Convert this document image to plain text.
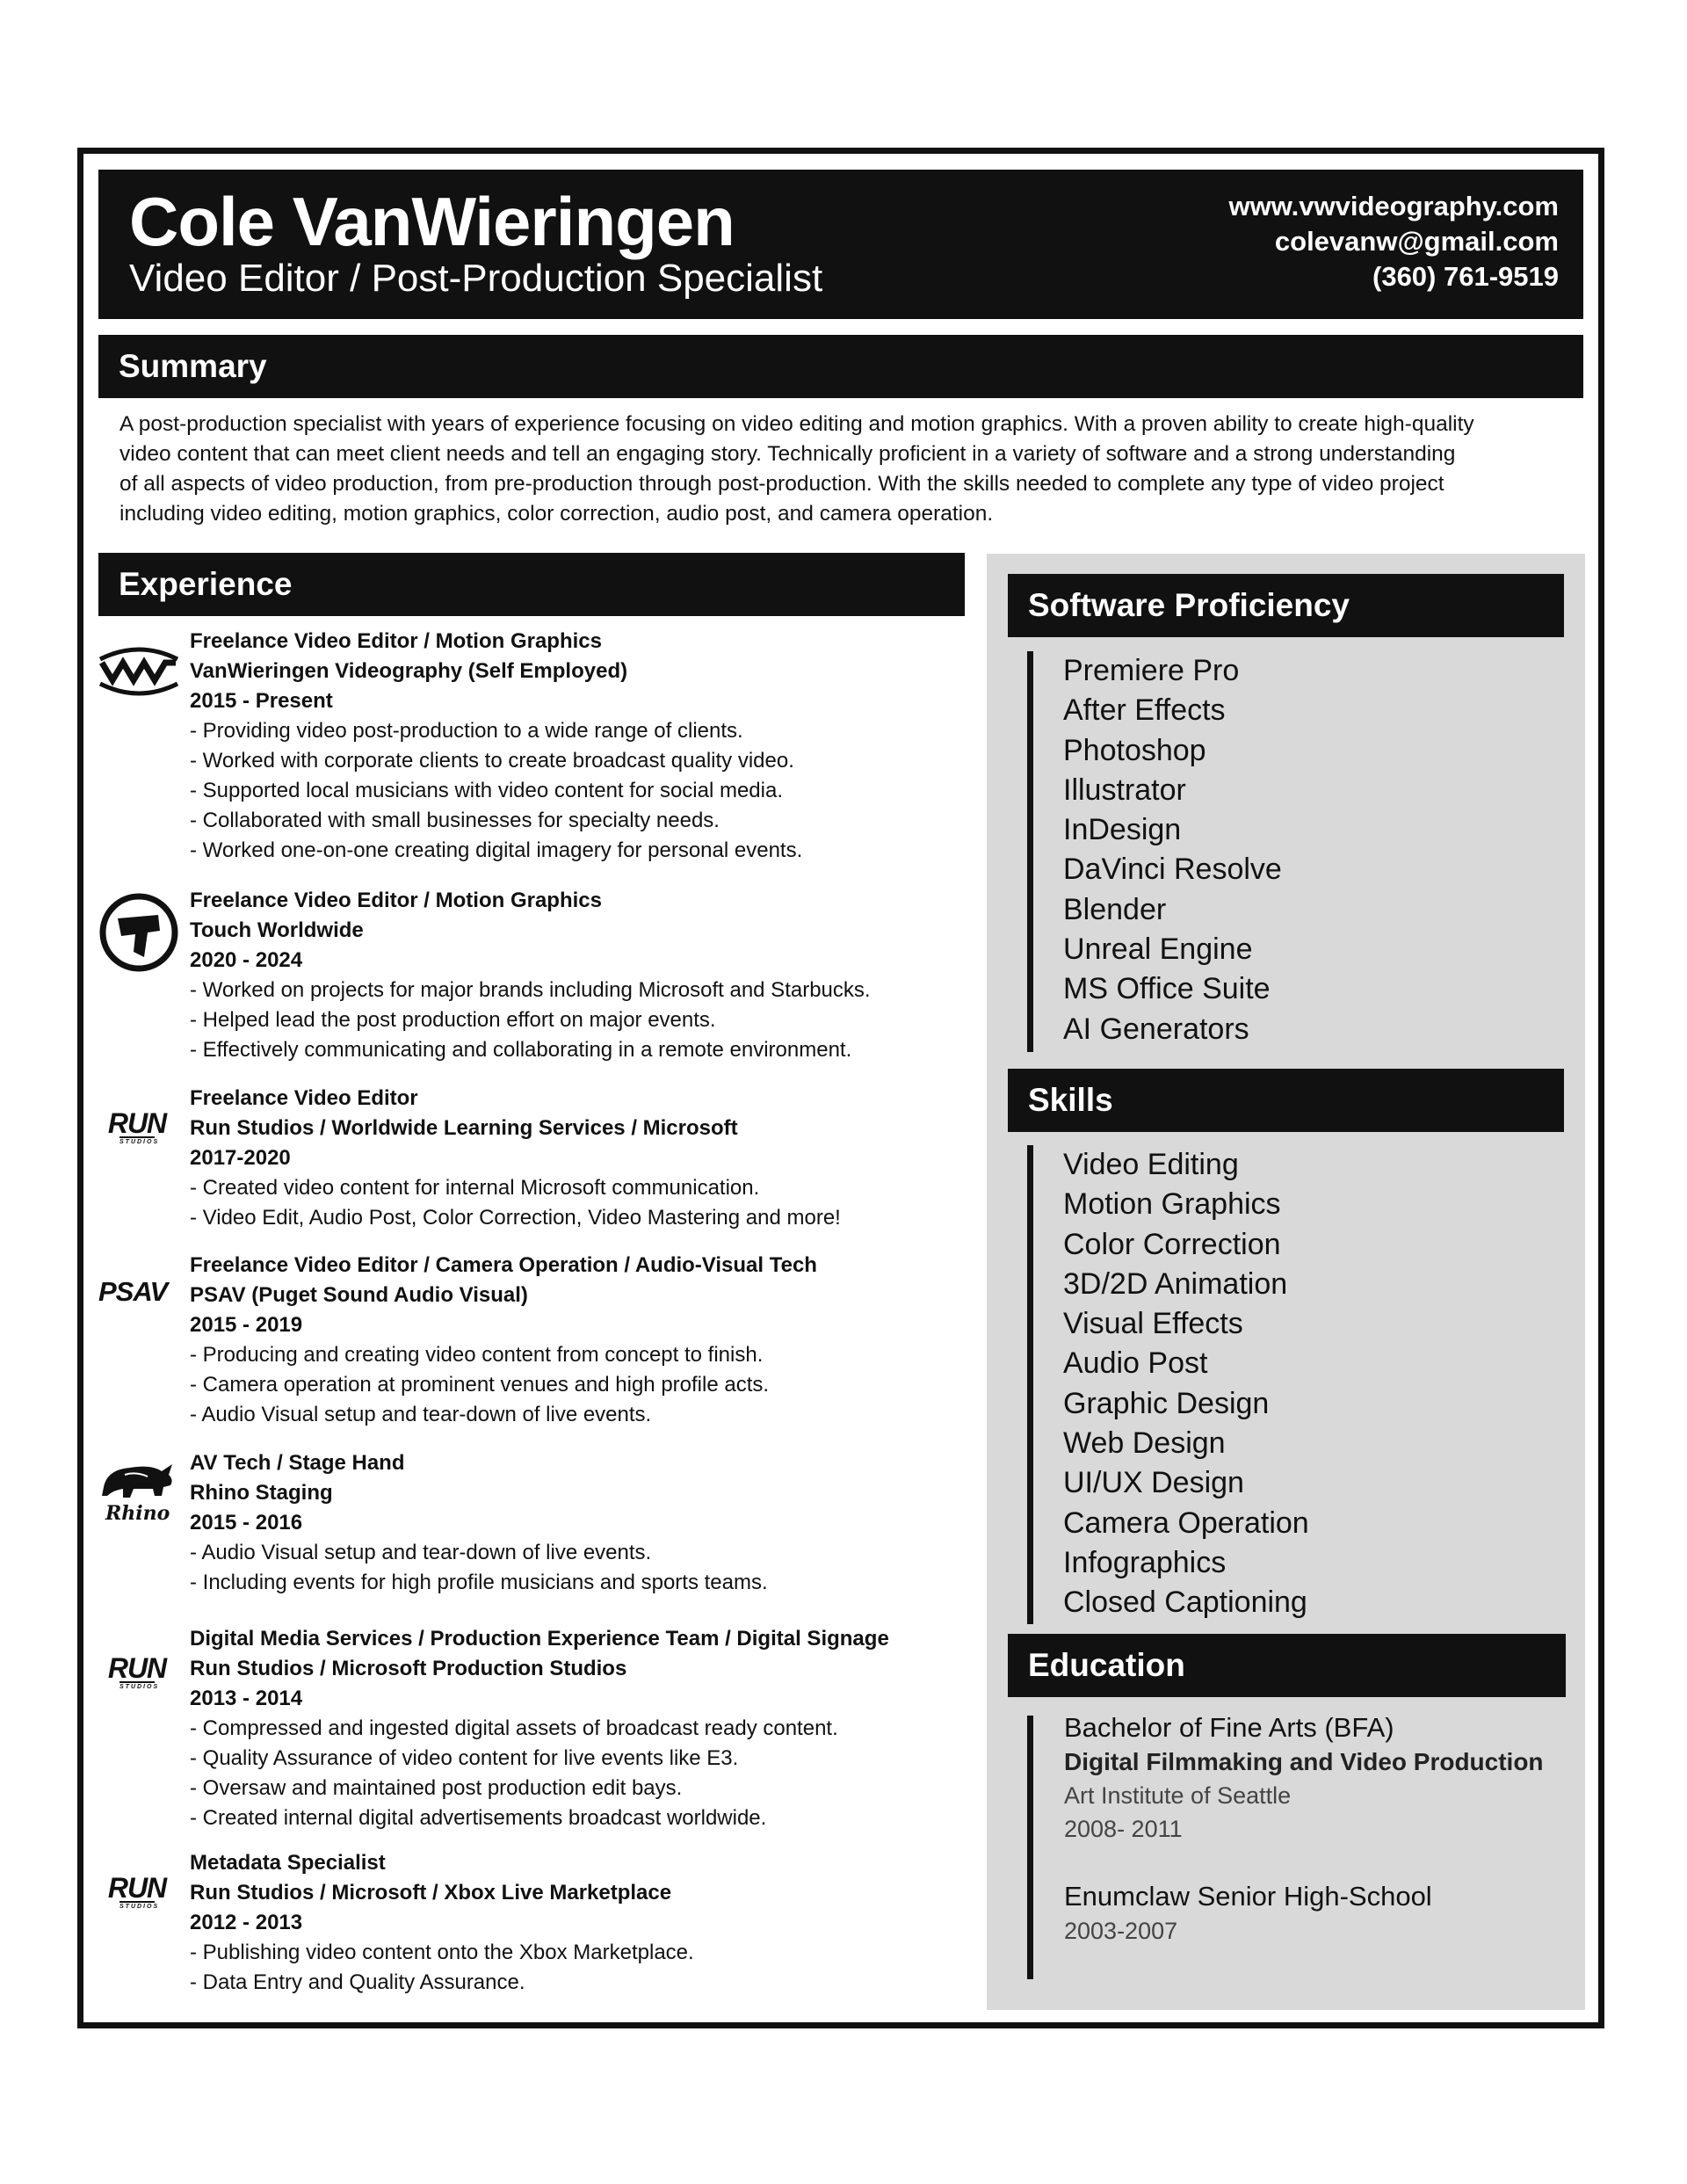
Cole VanWieringen
Video Editor / Post-Production Specialist
www.vwvideography.com
colevanw@gmail.com
(360) 761-9519
Summary
A post-production specialist with years of experience focusing on video editing and motion graphics. With a proven ability to create high-quality
video content that can meet client needs and tell an engaging story. Technically proficient in a variety of software and a strong understanding
of all aspects of video production, from pre-production through post-production. With the skills needed to complete any type of video project
including video editing, motion graphics, color correction, audio post, and camera operation.
Experience
RUN
STUDIOS
PSAV
Rhino
RUN
STUDIOS
RUN
STUDIOS
Freelance Video Editor / Motion Graphics
VanWieringen Videography (Self Employed)
2015 - Present
- Providing video post-production to a wide range of clients.
- Worked with corporate clients to create broadcast quality video.
- Supported local musicians with video content for social media.
- Collaborated with small businesses for specialty needs.
- Worked one-on-one creating digital imagery for personal events.
Freelance Video Editor / Motion Graphics
Touch Worldwide
2020 - 2024
- Worked on projects for major brands including Microsoft and Starbucks.
- Helped lead the post production effort on major events.
- Effectively communicating and collaborating in a remote environment.
Freelance Video Editor
Run Studios / Worldwide Learning Services / Microsoft
2017-2020
- Created video content for internal Microsoft communication.
- Video Edit, Audio Post, Color Correction, Video Mastering and more!
Freelance Video Editor / Camera Operation / Audio-Visual Tech
PSAV (Puget Sound Audio Visual)
2015 - 2019
- Producing and creating video content from concept to finish.
- Camera operation at prominent venues and high profile acts.
- Audio Visual setup and tear-down of live events.
AV Tech / Stage Hand
Rhino Staging
2015 - 2016
- Audio Visual setup and tear-down of live events.
- Including events for high profile musicians and sports teams.
Digital Media Services / Production Experience Team / Digital Signage
Run Studios / Microsoft Production Studios
2013 - 2014
- Compressed and ingested digital assets of broadcast ready content.
- Quality Assurance of video content for live events like E3.
- Oversaw and maintained post production edit bays.
- Created internal digital advertisements broadcast worldwide.
Metadata Specialist
Run Studios / Microsoft / Xbox Live Marketplace
2012 - 2013
- Publishing video content onto the Xbox Marketplace.
- Data Entry and Quality Assurance.
Software Proficiency
Premiere Pro
After Effects
Photoshop
Illustrator
InDesign
DaVinci Resolve
Blender
Unreal Engine
MS Office Suite
AI Generators
Skills
Video Editing
Motion Graphics
Color Correction
3D/2D Animation
Visual Effects
Audio Post
Graphic Design
Web Design
UI/UX Design
Camera Operation
Infographics
Closed Captioning
Education
Bachelor of Fine Arts (BFA)
Digital Filmmaking and Video Production
Art Institute of Seattle
2008- 2011
Enumclaw Senior High-School
2003-2007
